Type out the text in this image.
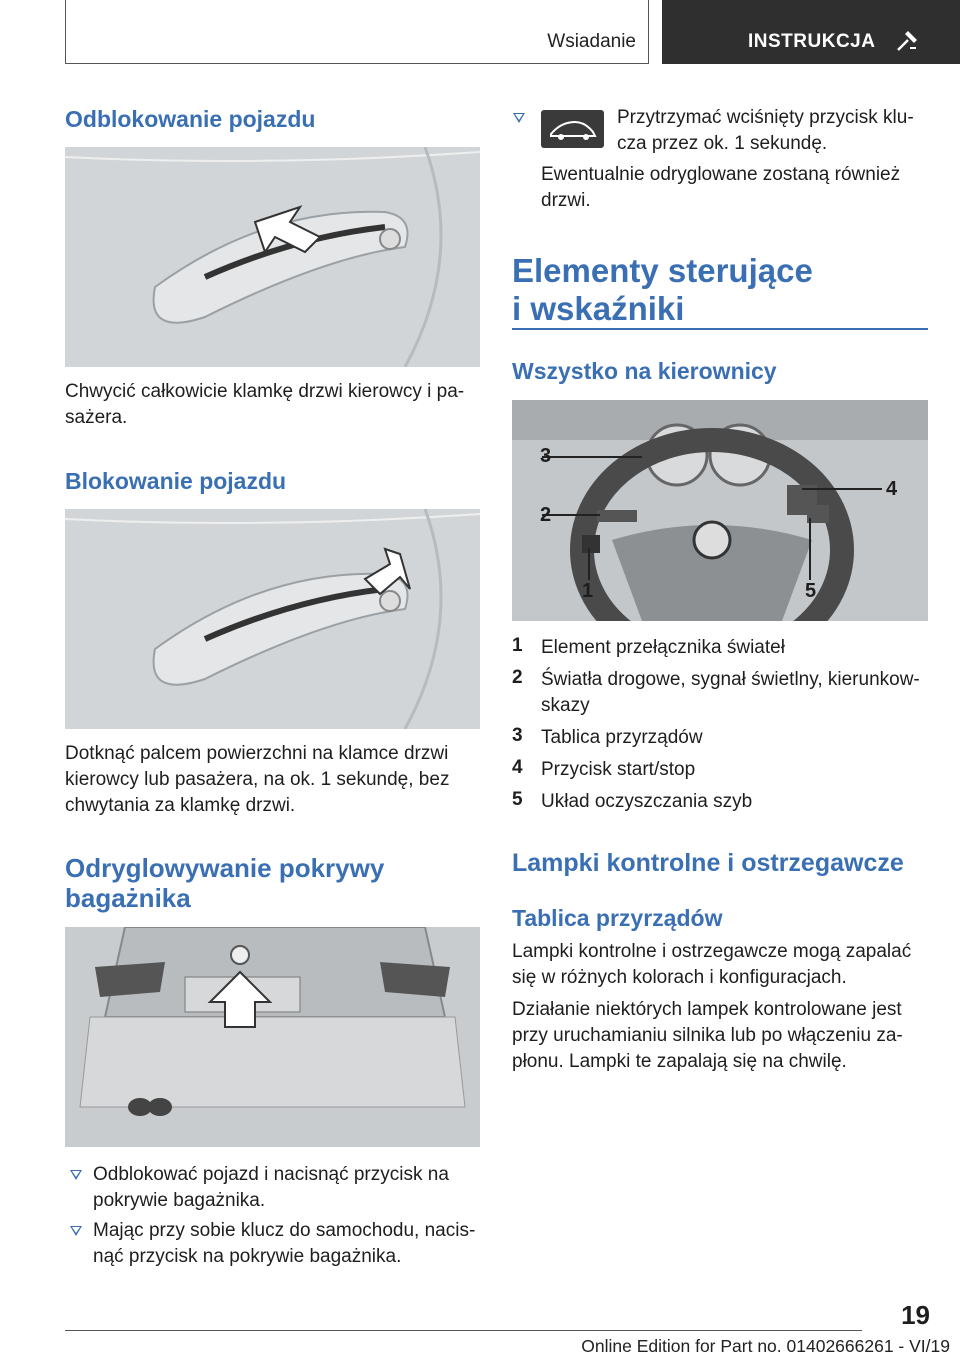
Wsiadanie	INSTRUKCJA
Odblokowanie pojazdu

Chwycić całkowicie klamkę drzwi kierowcy i pa-

sażera.

Blokowanie pojazdu

Dotknąć palcem powierzchni na klamce drzwi

kierowcy lub pasażera, na ok. 1 sekundę, bez

chwytania za klamkę drzwi.

Odryglowywanie pokrywy
bagażnika

Odblokować pojazd i nacisnąć przycisk na

pokrywie bagażnika.

Mając przy sobie klucz do samochodu, nacis-

nąć przycisk na pokrywie bagażnika.

Przytrzymać wciśnięty przycisk klu-

cza przez ok. 1 sekundę.

Ewentualnie odryglowane zostaną również

drzwi.

Elementy sterujące
i wskaźniki
Wszystko na kierownicy
3
2
1
4
5
1 Element przełącznika świateł

2 Światła drogowe, sygnał świetlny, kierunkow-

skazy

3 Tablica przyrządów

4 Przycisk start/stop

5 Układ oczyszczania szyb

Lampki kontrolne i ostrzegawcze
Tablica przyrządów

Lampki kontrolne i ostrzegawcze mogą zapalać

się w różnych kolorach i konfiguracjach.

Działanie niektórych lampek kontrolowane jest

przy uruchamianiu silnika lub po włączeniu za-

płonu. Lampki te zapalają się na chwilę.

19
Online Edition for Part no. 01402666261 - VI/19
